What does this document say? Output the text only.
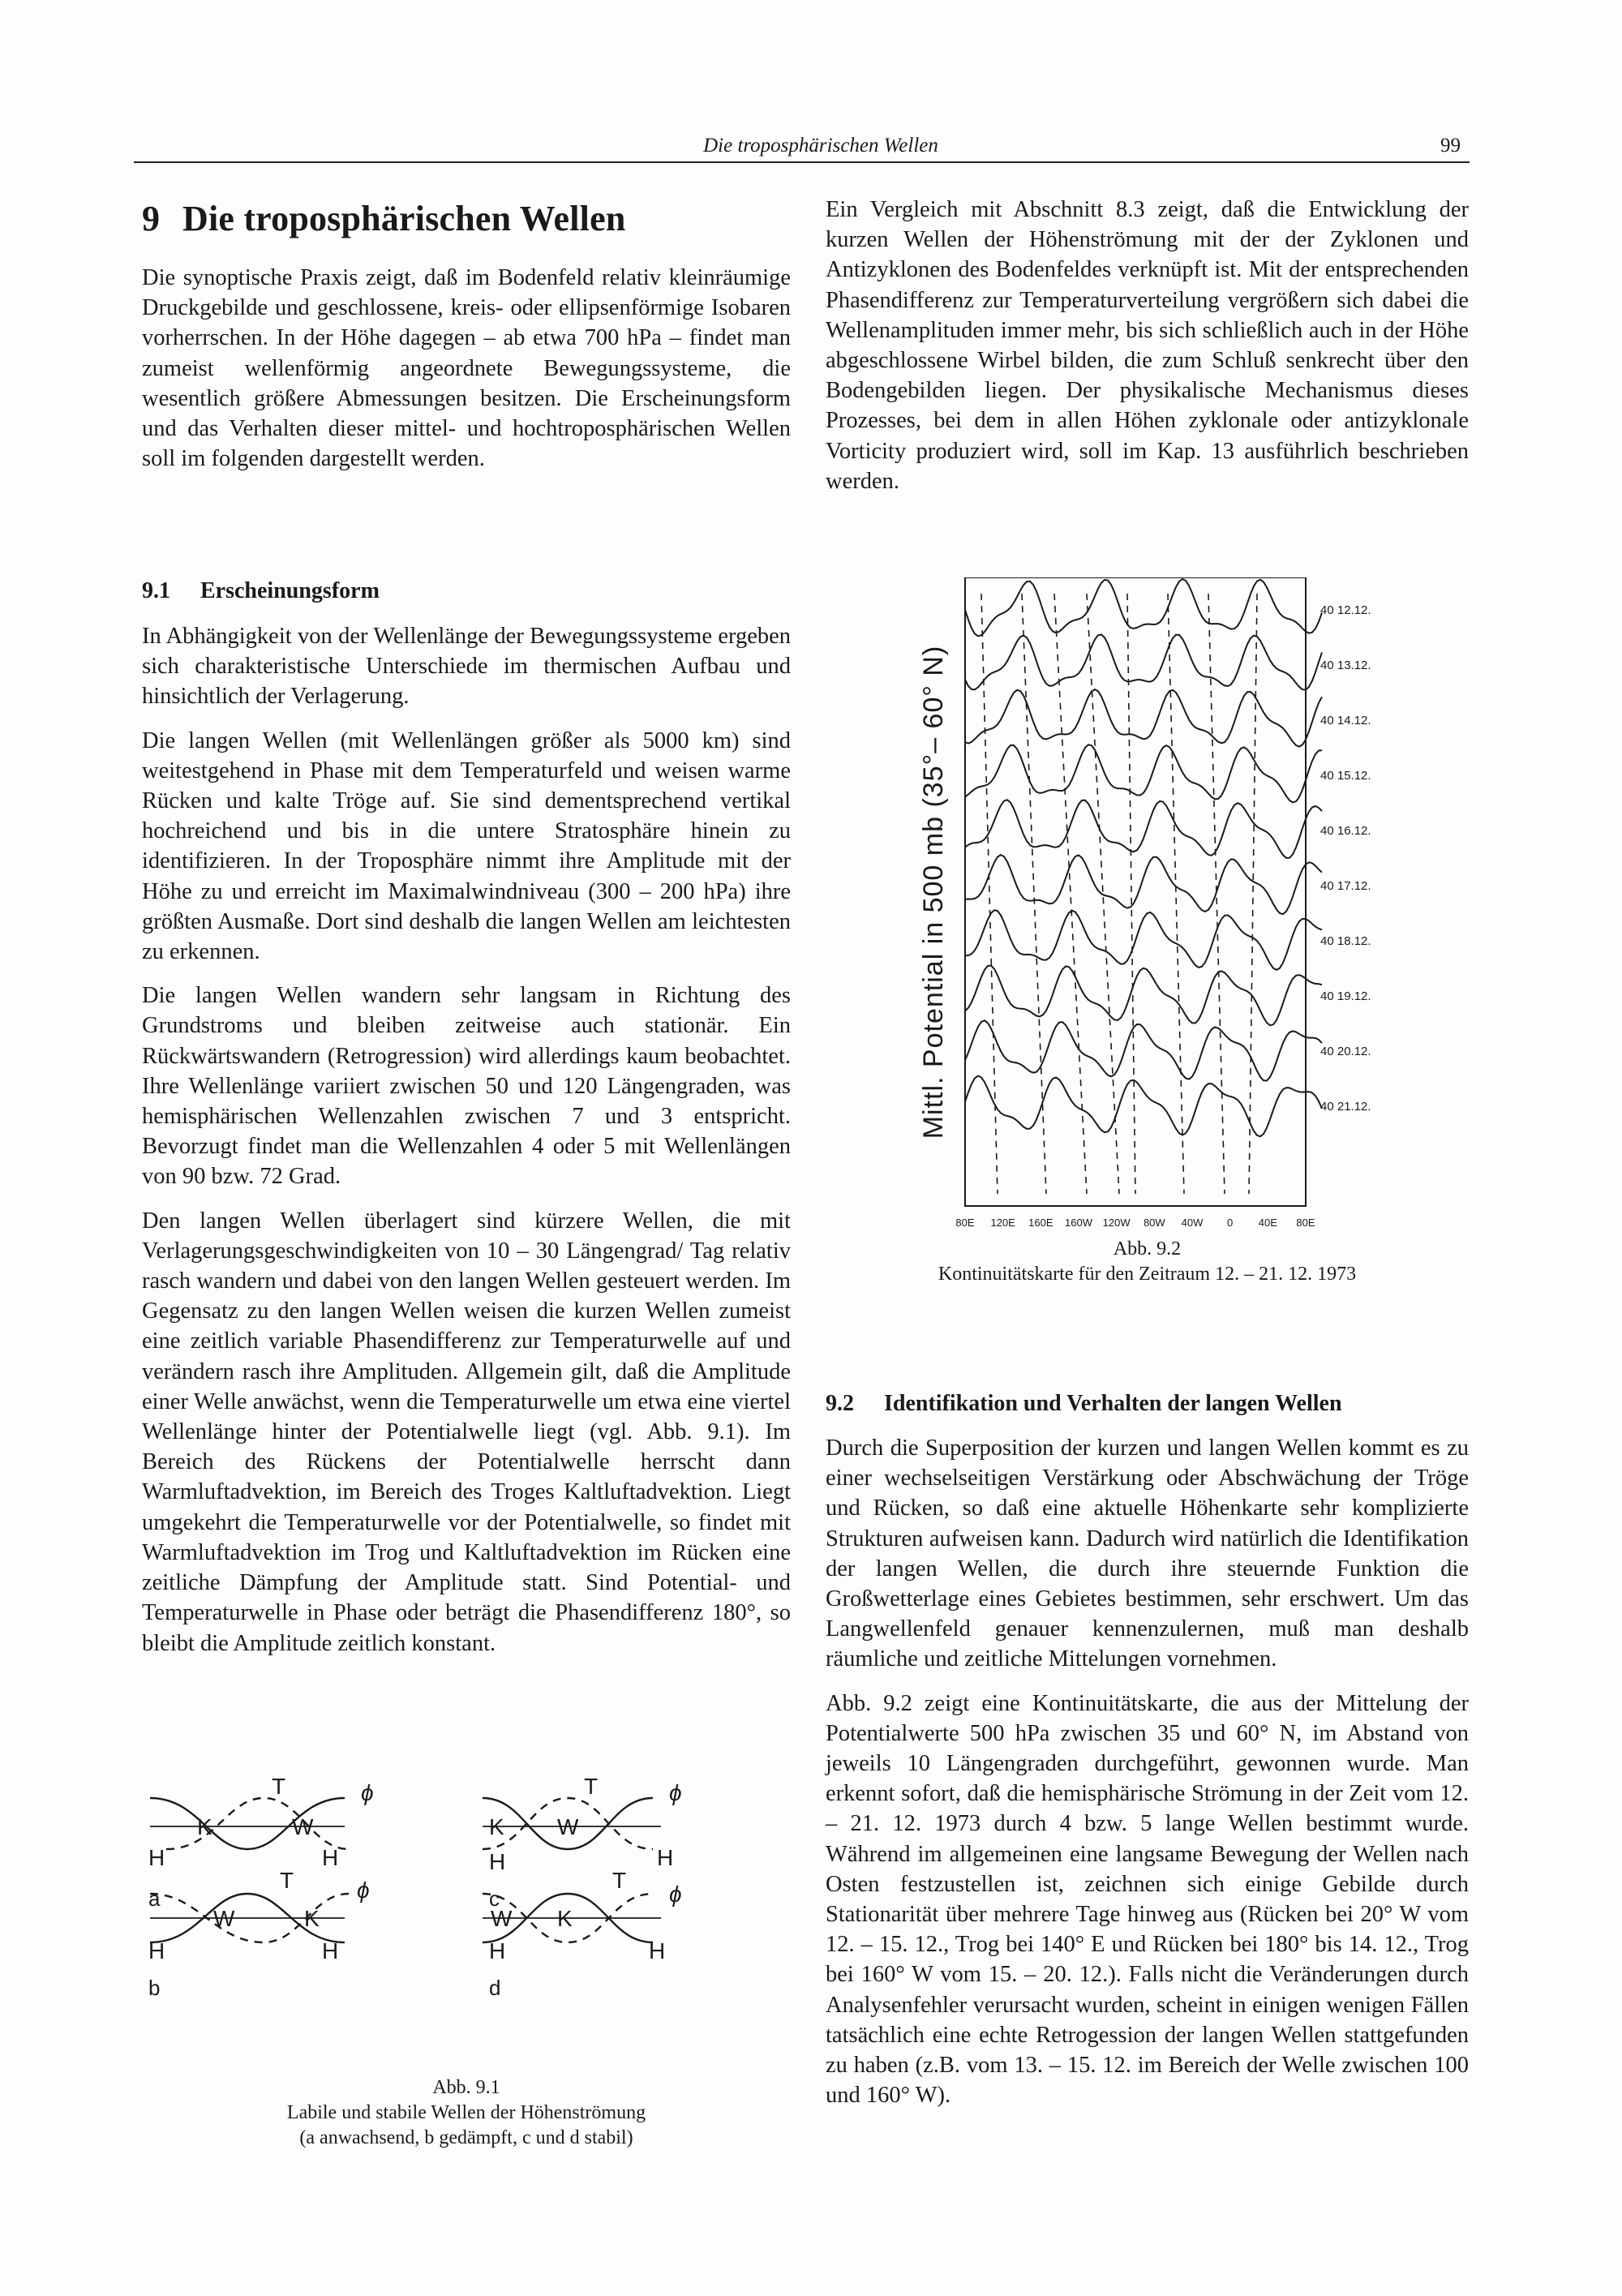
Die troposphärischen Wellen	99
9 Die troposphärischen Wellen

Die synoptische Praxis zeigt, daß im Bodenfeld relativ kleinräumige Druckgebilde und geschlossene, kreis- oder ellipsenförmige Isobaren vorherrschen. In der Höhe dagegen – ab etwa 700 hPa – findet man zumeist wellenförmig angeordnete Bewegungssysteme, die wesentlich größere Abmessungen besitzen. Die Erscheinungsform und das Verhalten dieser mittel- und hochtroposphärischen Wellen soll im folgenden dargestellt werden.

9.1 Erscheinungsform

In Abhängigkeit von der Wellenlänge der Bewegungssysteme ergeben sich charakteristische Unterschiede im thermischen Aufbau und hinsichtlich der Verlagerung.

Die langen Wellen (mit Wellenlängen größer als 5000 km) sind weitestgehend in Phase mit dem Temperaturfeld und weisen warme Rücken und kalte Tröge auf. Sie sind dementsprechend vertikal hochreichend und bis in die untere Stratosphäre hinein zu identifizieren. In der Troposphäre nimmt ihre Amplitude mit der Höhe zu und erreicht im Maximalwindniveau (300 – 200 hPa) ihre größten Ausmaße. Dort sind deshalb die langen Wellen am leichtesten zu erkennen.

Die langen Wellen wandern sehr langsam in Richtung des Grundstroms und bleiben zeitweise auch stationär. Ein Rückwärtswandern (Retrogression) wird allerdings kaum beobachtet. Ihre Wellenlänge variiert zwischen 50 und 120 Längengraden, was hemisphärischen Wellenzahlen zwischen 7 und 3 entspricht. Bevorzugt findet man die Wellenzahlen 4 oder 5 mit Wellenlängen von 90 bzw. 72 Grad.

Den langen Wellen überlagert sind kürzere Wellen, die mit Verlagerungsgeschwindigkeiten von 10 – 30 Längengrad/ Tag relativ rasch wandern und dabei von den langen Wellen gesteuert werden. Im Gegensatz zu den langen Wellen weisen die kurzen Wellen zumeist eine zeitlich variable Phasendifferenz zur Temperaturwelle auf und verändern rasch ihre Amplituden. Allgemein gilt, daß die Amplitude einer Welle anwächst, wenn die Temperaturwelle um etwa eine viertel Wellenlänge hinter der Potentialwelle liegt (vgl. Abb. 9.1). Im Bereich des Rückens der Potentialwelle herrscht dann Warmluftadvektion, im Bereich des Troges Kaltluftadvektion. Liegt umgekehrt die Temperaturwelle vor der Potentialwelle, so findet mit Warmluftadvektion im Trog und Kaltluftadvektion im Rücken eine zeitliche Dämpfung der Amplitude statt. Sind Potential- und Temperaturwelle in Phase oder beträgt die Phasendifferenz 180°, so bleibt die Amplitude zeitlich konstant.

T	ϕ
K	W
H	H
a
T	ϕ
K W
H	H
c
T	ϕ
W	K
H	H
b
T
ϕ
W K
H	H
d
Abb. 9.1
Labile und stabile Wellen der Höhenströmung
(a anwachsend, b gedämpft, c und d stabil)

Ein Vergleich mit Abschnitt 8.3 zeigt, daß die Entwicklung der kurzen Wellen der Höhenströmung mit der der Zyklonen und Antizyklonen des Bodenfeldes verknüpft ist. Mit der entsprechenden Phasendifferenz zur Temperaturverteilung vergrößern sich dabei die Wellenamplituden immer mehr, bis sich schließlich auch in der Höhe abgeschlossene Wirbel bilden, die zum Schluß senkrecht über den Bodengebilden liegen. Der physikalische Mechanismus dieses Prozesses, bei dem in allen Höhen zyklonale oder antizyklonale Vorticity produziert wird, soll im Kap. 13 ausführlich beschrieben werden.

Mittl. Potential in 500 mb (35°– 60° N)
40 12.12.
40 13.12.
40 14.12.
40 15.12.
40 16.12.
40 17.12.
40 18.12.
40 19.12.
40 20.12.
40 21.12.
80E 120E 160E 160W 120W 80W 40W 0 40E 80E
Abb. 9.2
Kontinuitätskarte für den Zeitraum 12. – 21. 12. 1973
9.2 Identifikation und Verhalten der langen Wellen

Durch die Superposition der kurzen und langen Wellen kommt es zu einer wechselseitigen Verstärkung oder Abschwächung der Tröge und Rücken, so daß eine aktuelle Höhenkarte sehr komplizierte Strukturen aufweisen kann. Dadurch wird natürlich die Identifikation der langen Wellen, die durch ihre steuernde Funktion die Großwetterlage eines Gebietes bestimmen, sehr erschwert. Um das Langwellenfeld genauer kennenzulernen, muß man deshalb räumliche und zeitliche Mittelungen vornehmen.

Abb. 9.2 zeigt eine Kontinuitätskarte, die aus der Mittelung der Potentialwerte 500 hPa zwischen 35 und 60° N, im Abstand von jeweils 10 Längengraden durchgeführt, gewonnen wurde. Man erkennt sofort, daß die hemisphärische Strömung in der Zeit vom 12. – 21. 12. 1973 durch 4 bzw. 5 lange Wellen bestimmt wurde. Während im allgemeinen eine langsame Bewegung der Wellen nach Osten festzustellen ist, zeichnen sich einige Gebilde durch Stationarität über mehrere Tage hinweg aus (Rücken bei 20° W vom 12. – 15. 12., Trog bei 140° E und Rücken bei 180° bis 14. 12., Trog bei 160° W vom 15. – 20. 12.). Falls nicht die Veränderungen durch Analysenfehler verursacht wurden, scheint in einigen wenigen Fällen tatsächlich eine echte Retrogession der langen Wellen stattgefunden zu haben (z.B. vom 13. – 15. 12. im Bereich der Welle zwischen 100 und 160° W).
